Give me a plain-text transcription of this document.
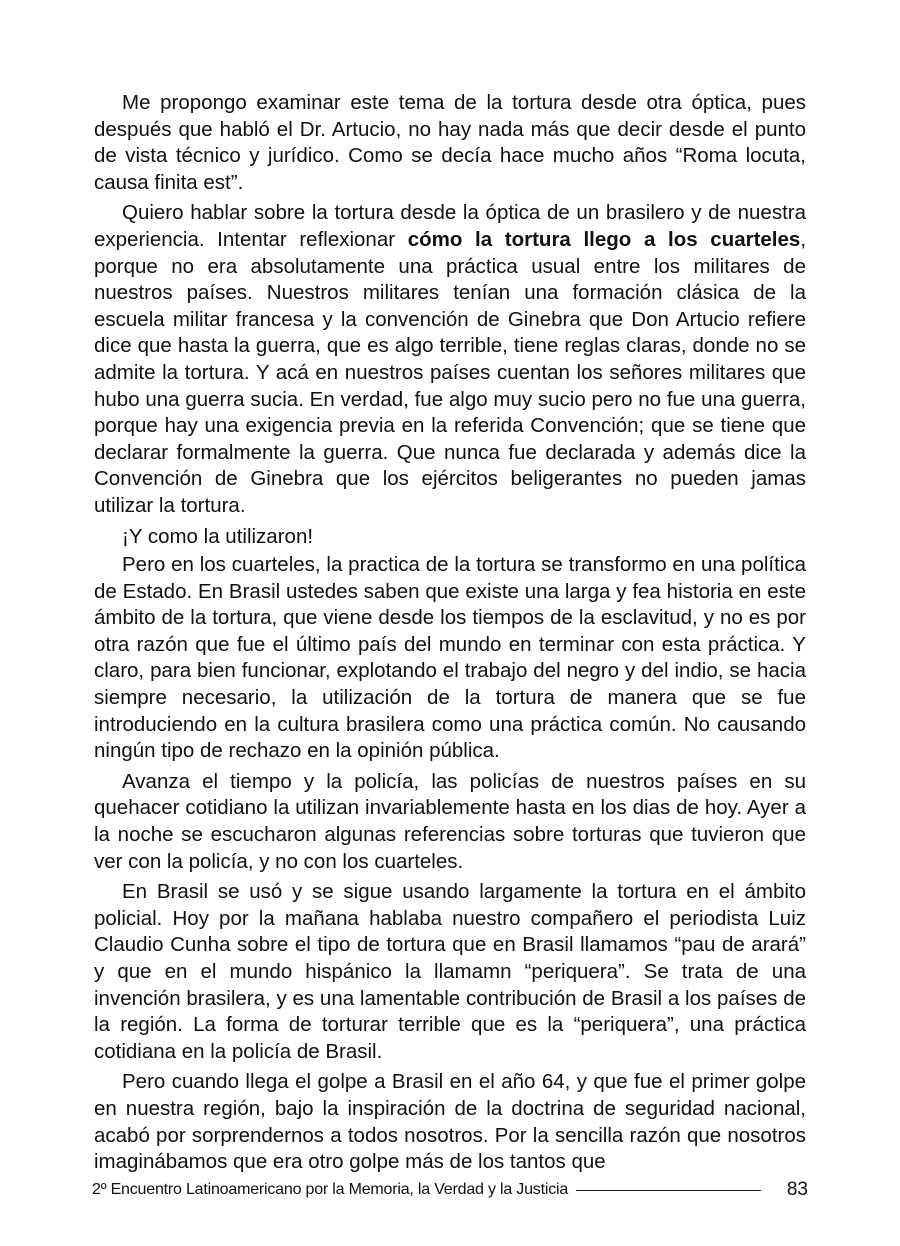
Me propongo examinar este tema de la tortura desde otra óptica, pues después que habló el Dr. Artucio, no hay nada más que decir desde el punto de vista técnico y jurídico. Como se decía hace mucho años “Roma locuta, causa finita est”.

Quiero hablar sobre la tortura desde la óptica de un brasilero y de nuestra experiencia. Intentar reflexionar cómo la tortura llego a los cuarteles, porque no era absolutamente una práctica usual entre los militares de nuestros países. Nuestros militares tenían una formación clásica de la escuela militar francesa y la convención de Ginebra que Don Artucio refiere dice que hasta la guerra, que es algo terrible, tiene reglas claras, donde no se admite la tortura. Y acá en nuestros países cuentan los señores militares que hubo una guerra sucia. En verdad, fue algo muy sucio pero no fue una guerra, porque hay una exigencia previa en la referida Convención; que se tiene que declarar formalmente la guerra. Que nunca fue declarada y además dice la Convención de Ginebra que los ejércitos beligerantes no pueden jamas utilizar la tortura.

¡Y como la utilizaron!

Pero en los cuarteles, la practica de la tortura se transformo en una política de Estado. En Brasil ustedes saben que existe una larga y fea historia en este ámbito de la tortura, que viene desde los tiempos de la esclavitud, y no es por otra razón que fue el último país del mundo en terminar con esta práctica. Y claro, para bien funcionar, explotando el trabajo del negro y del indio, se hacia siempre necesario, la utilización de la tortura de manera que se fue introduciendo en la cultura brasilera como una práctica común. No causando ningún tipo de rechazo en la opinión pública.

Avanza el tiempo y la policía, las policías de nuestros países en su quehacer cotidiano la utilizan invariablemente hasta en los dias de hoy. Ayer a la noche se escucharon algunas referencias sobre torturas que tuvieron que ver con la policía, y no con los cuarteles.

En Brasil se usó y se sigue usando largamente la tortura en el ámbito policial. Hoy por la mañana hablaba nuestro compañero el periodista Luiz Claudio Cunha sobre el tipo de tortura que en Brasil llamamos “pau de arará” y que en el mundo hispánico la llamamn “periquera”. Se trata de una invención brasilera, y es una lamentable contribución de Brasil a los países de la región. La forma de torturar terrible que es la “periquera”, una práctica cotidiana en la policía de Brasil.

Pero cuando llega el golpe a Brasil en el año 64, y que fue el primer golpe en nuestra región, bajo la inspiración de la doctrina de seguridad nacional, acabó por sorprendernos a todos nosotros. Por la sencilla razón que nosotros imaginábamos que era otro golpe más de los tantos que

2º Encuentro Latinoamericano por la Memoria, la Verdad y la Justicia	83
